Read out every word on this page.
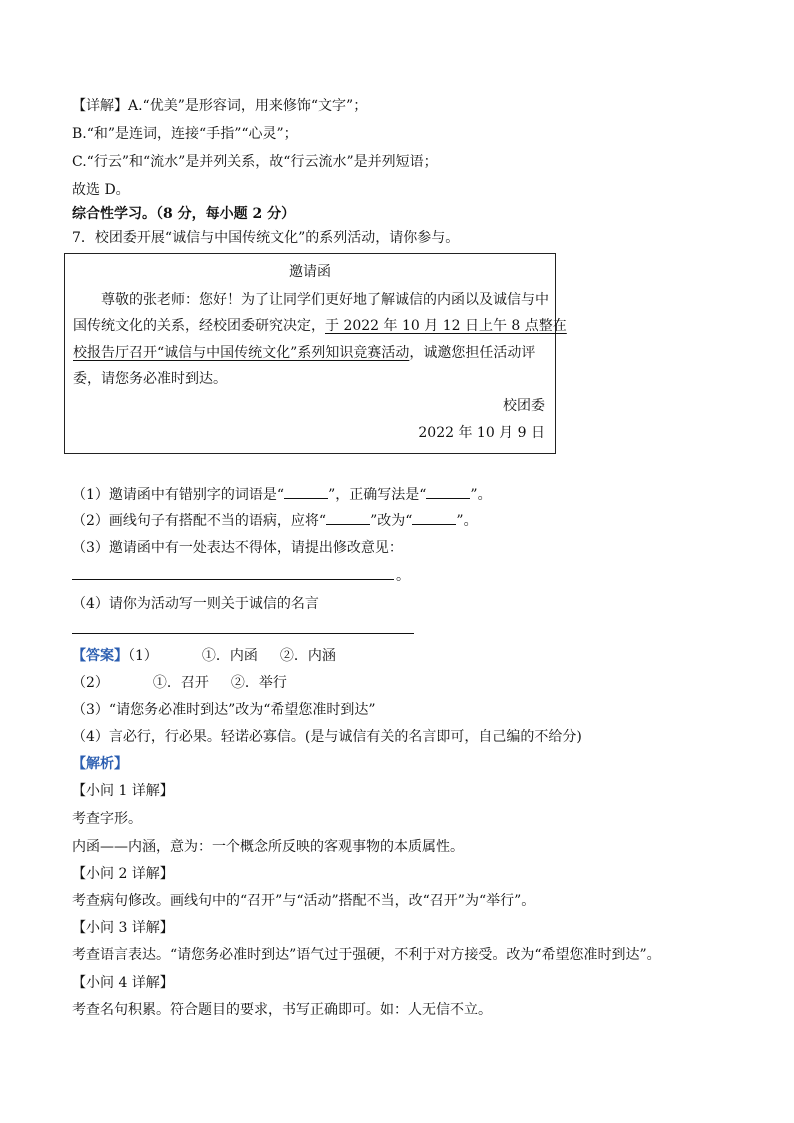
【详解】A.“优美”是形容词，用来修饰“文字”；
B.“和”是连词，连接“手指”“心灵”；
C.“行云”和“流水”是并列关系，故“行云流水”是并列短语；
故选 D。
综合性学习。（8 分，每小题 2 分）
7．校团委开展“诚信与中国传统文化”的系列活动，请你参与。
邀请函
尊敬的张老师：您好！为了让同学们更好地了解诚信的内函以及诚信与中
国传统文化的关系，经校团委研究决定，于 2022 年 10 月 12 日上午 8 点整在
校报告厅召开“诚信与中国传统文化”系列知识竞赛活动，诚邀您担任活动评
委，请您务必准时到达。
校团委
2022 年 10 月 9 日
（1）邀请函中有错别字的词语是“	”，正确写法是“	”。
（2）画线句子有搭配不当的语病，应将“	”改为“	”。
（3）邀请函中有一处表达不得体，请提出修改意见：
。
（4）请你为活动写一则关于诚信的名言
【答案】（1）	①．内函 ②．内涵
（2）	①．召开 ②．举行
（3）“请您务必准时到达”改为“希望您准时到达”
（4）言必行，行必果。轻诺必寡信。(是与诚信有关的名言即可，自己编的不给分)
【解析】
【小问 1 详解】
考查字形。
内函——内涵，意为：一个概念所反映的客观事物的本质属性。
【小问 2 详解】
考查病句修改。画线句中的“召开”与“活动”搭配不当，改“召开”为“举行”。
【小问 3 详解】
考查语言表达。“请您务必准时到达”语气过于强硬，不利于对方接受。改为“希望您准时到达”。
【小问 4 详解】
考查名句积累。符合题目的要求，书写正确即可。如：人无信不立。
